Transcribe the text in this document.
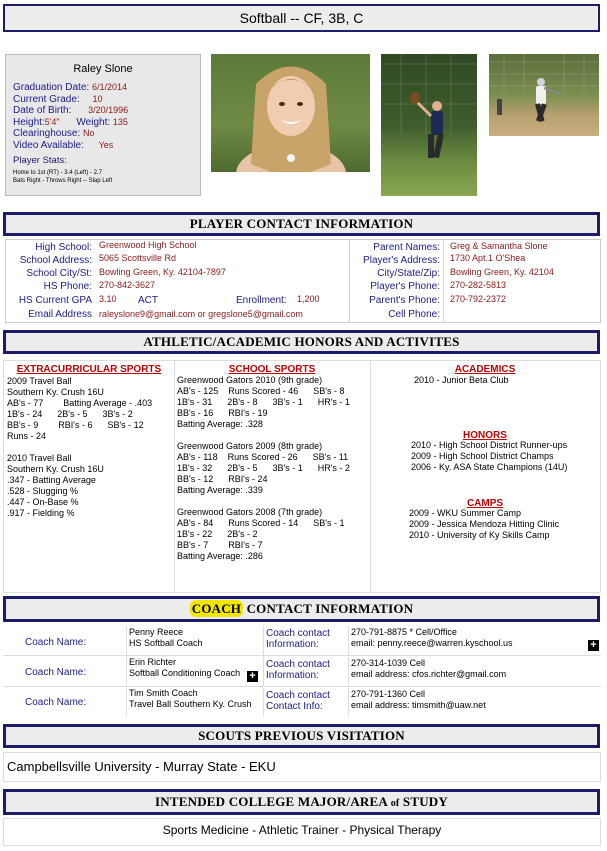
Softball -- CF, 3B, C
Raley Slone
Graduation Date: 6/1/2014
Current Grade: 10
Date of Birth: 3/20/1996
Height:5'4" Weight: 135
Clearinghouse: No
Video Available: Yes
Player Stats:
Home to 1st (RT) - 3.4 (Left) - 2.7
Bats Right - Throws Right -- Slap Left
PLAYER CONTACT INFORMATION
High School: Greenwood High School
School Address: 5065 Scottsville Rd
School City/St: Bowling Green, Ky. 42104-7897
HS Phone: 270-842-3627
HS Current GPA 3.10 ACT	Enrollment: 1,200
Email Address raleyslone9@gmail.com or gregslone5@gmail.com
Parent Names: Greg & Samantha Slone
Player's Address: 1730 Apt.1 O'Shea
City/State/Zip: Bowling Green, Ky. 42104
Player's Phone: 270-282-5813
Parent's Phone: 270-792-2372
Cell Phone:
ATHLETIC/ACADEMIC HONORS AND ACTIVITES
EXTRACURRICULAR SPORTS
2009 Travel Ball
Southern Ky. Crush 16U
AB's - 77        Batting Average - .403
1B's - 24      2B's - 5      3B's - 2
BB's - 9        RBI's - 6      SB's - 12
Runs - 24
2010 Travel Ball
Southern Ky. Crush 16U
.347 - Batting Average
.528 - Slugging %
.447 - On-Base %
.917 - Fielding %
SCHOOL SPORTS
Greenwood Gators 2010 (9th grade)
AB's - 125    Runs Scored - 46      SB's - 8
1B's - 31      2B's - 8      3B's - 1      HR's - 1
BB's - 16      RBI's - 19
Batting Average: .328
Greenwood Gators 2009 (8th grade)
AB's - 118    Runs Scored - 26      SB's - 11
1B's - 32      2B's - 5      3B's - 1      HR's - 2
BB's - 12      RBI's - 24
Batting Average: .339
Greenwood Gators 2008 (7th grade)
AB's - 84      Runs Scored - 14      SB's - 1
1B's - 22      2B's - 2
BB's - 7        RBI's - 7
Batting Average: .286
ACADEMICS
2010 - Junior Beta Club
HONORS
2010 - High School District Runner-ups
2009 - High School District Champs
2006 - Ky. ASA State Champions (14U)
CAMPS
2009 - WKU Summer Camp
2009 - Jessica Mendoza Hitting Clinic
2010 - University of Ky Skills Camp
COACH CONTACT INFORMATION
Coach Name:
Penny Reece
HS Softball Coach
Coach contact Information:
270-791-8875 * Cell/Office
email: penny.reece@warren.kyschool.us	+
Coach Name:
Erin Richter
Softball Conditioning Coach +
Coach contact Information:
270-314-1039 Cell
email address: cfos.richter@gmail.com
Coach Name:
Tim Smith Coach
Travel Ball Southern Ky. Crush
Coach contact Contact Info:
270-791-1360 Cell
email address: timsmith@uaw.net
SCOUTS PREVIOUS VISITATION
Campbellsville University - Murray State - EKU
INTENDED COLLEGE MAJOR/AREA of STUDY
Sports Medicine - Athletic Trainer - Physical Therapy
